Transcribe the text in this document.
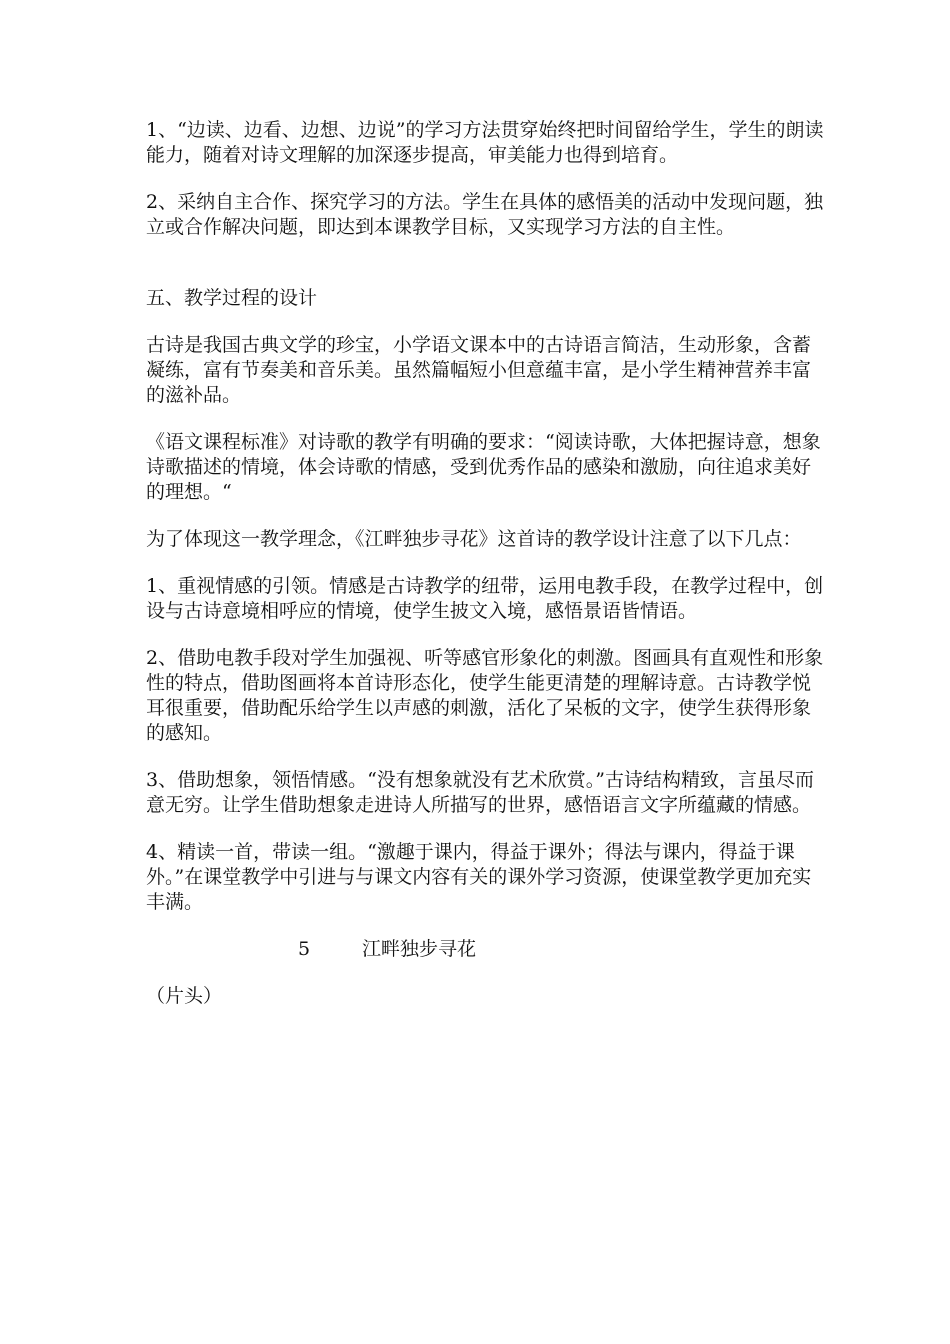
1、“边读、边看、边想、边说”的学习方法贯穿始终把时间留给学生，学生的朗读能力，随着对诗文理解的加深逐步提高，审美能力也得到培育。

2、采纳自主合作、探究学习的方法。学生在具体的感悟美的活动中发现问题，独立或合作解决问题，即达到本课教学目标，又实现学习方法的自主性。

五、教学过程的设计

古诗是我国古典文学的珍宝，小学语文课本中的古诗语言简洁，生动形象，含蓄凝练，富有节奏美和音乐美。虽然篇幅短小但意蕴丰富，是小学生精神营养丰富的滋补品。

《语文课程标准》对诗歌的教学有明确的要求：“阅读诗歌，大体把握诗意，想象诗歌描述的情境，体会诗歌的情感，受到优秀作品的感染和激励，向往追求美好的理想。“

为了体现这一教学理念，《江畔独步寻花》这首诗的教学设计注意了以下几点：

1、重视情感的引领。情感是古诗教学的纽带，运用电教手段，在教学过程中，创设与古诗意境相呼应的情境，使学生披文入境，感悟景语皆情语。

2、借助电教手段对学生加强视、听等感官形象化的刺激。图画具有直观性和形象性的特点，借助图画将本首诗形态化，使学生能更清楚的理解诗意。古诗教学悦耳很重要，借助配乐给学生以声感的刺激，活化了呆板的文字，使学生获得形象的感知。

3、借助想象，领悟情感。“没有想象就没有艺术欣赏。”古诗结构精致，言虽尽而意无穷。让学生借助想象走进诗人所描写的世界，感悟语言文字所蕴藏的情感。

4、精读一首，带读一组。“激趣于课内，得益于课外；得法与课内，得益于课外。”在课堂教学中引进与与课文内容有关的课外学习资源，使课堂教学更加充实丰满。

5	江畔独步寻花

（片头）
